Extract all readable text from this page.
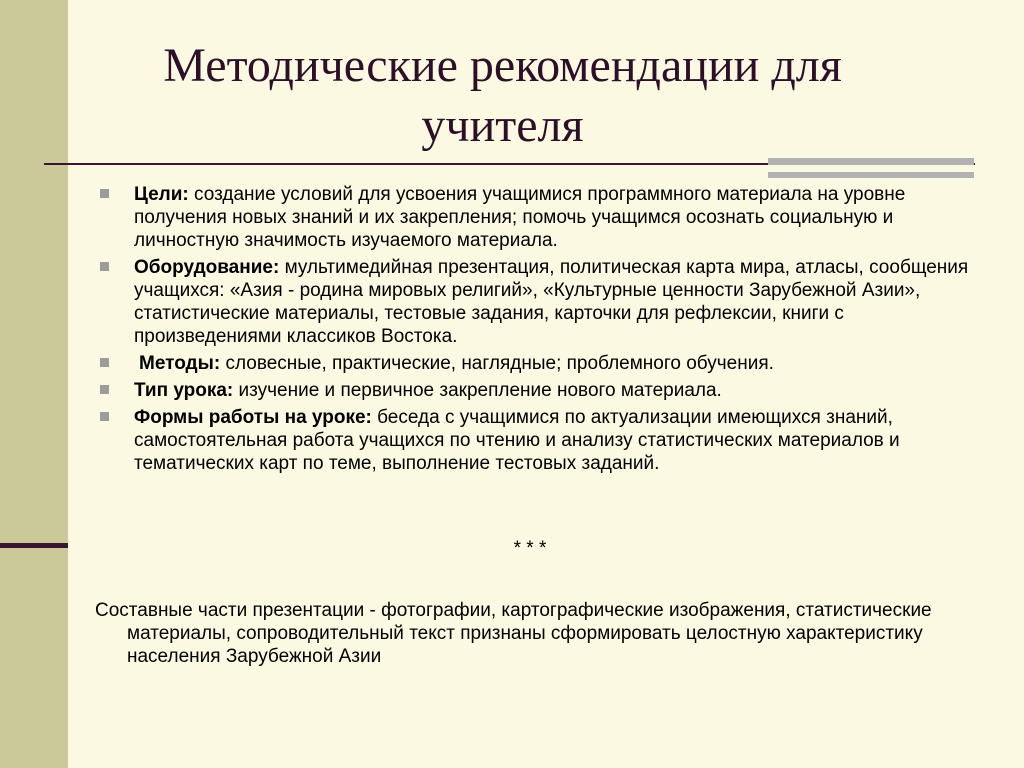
Методические рекомендации для учителя
Цели: создание условий для усвоения учащимися программного материала на уровне получения новых знаний и их закрепления; помочь учащимся осознать социальную и личностную значимость изучаемого материала.
Оборудование: мультимедийная презентация, политическая карта мира, атласы, сообщения учащихся: «Азия - родина мировых религий», «Культурные ценности Зарубежной Азии», статистические материалы, тестовые задания, карточки для рефлексии, книги с произведениями классиков Востока.
Методы: словесные, практические, наглядные; проблемного обучения.
Тип урока: изучение и первичное закрепление нового материала.
Формы работы на уроке: беседа с учащимися по актуализации имеющихся знаний, самостоятельная работа учащихся по чтению и анализу статистических материалов и тематических карт по теме, выполнение тестовых заданий.
* * *

Составные части презентации - фотографии, картографические изображения, статистические материалы, сопроводительный текст признаны сформировать целостную характеристику населения Зарубежной Азии
